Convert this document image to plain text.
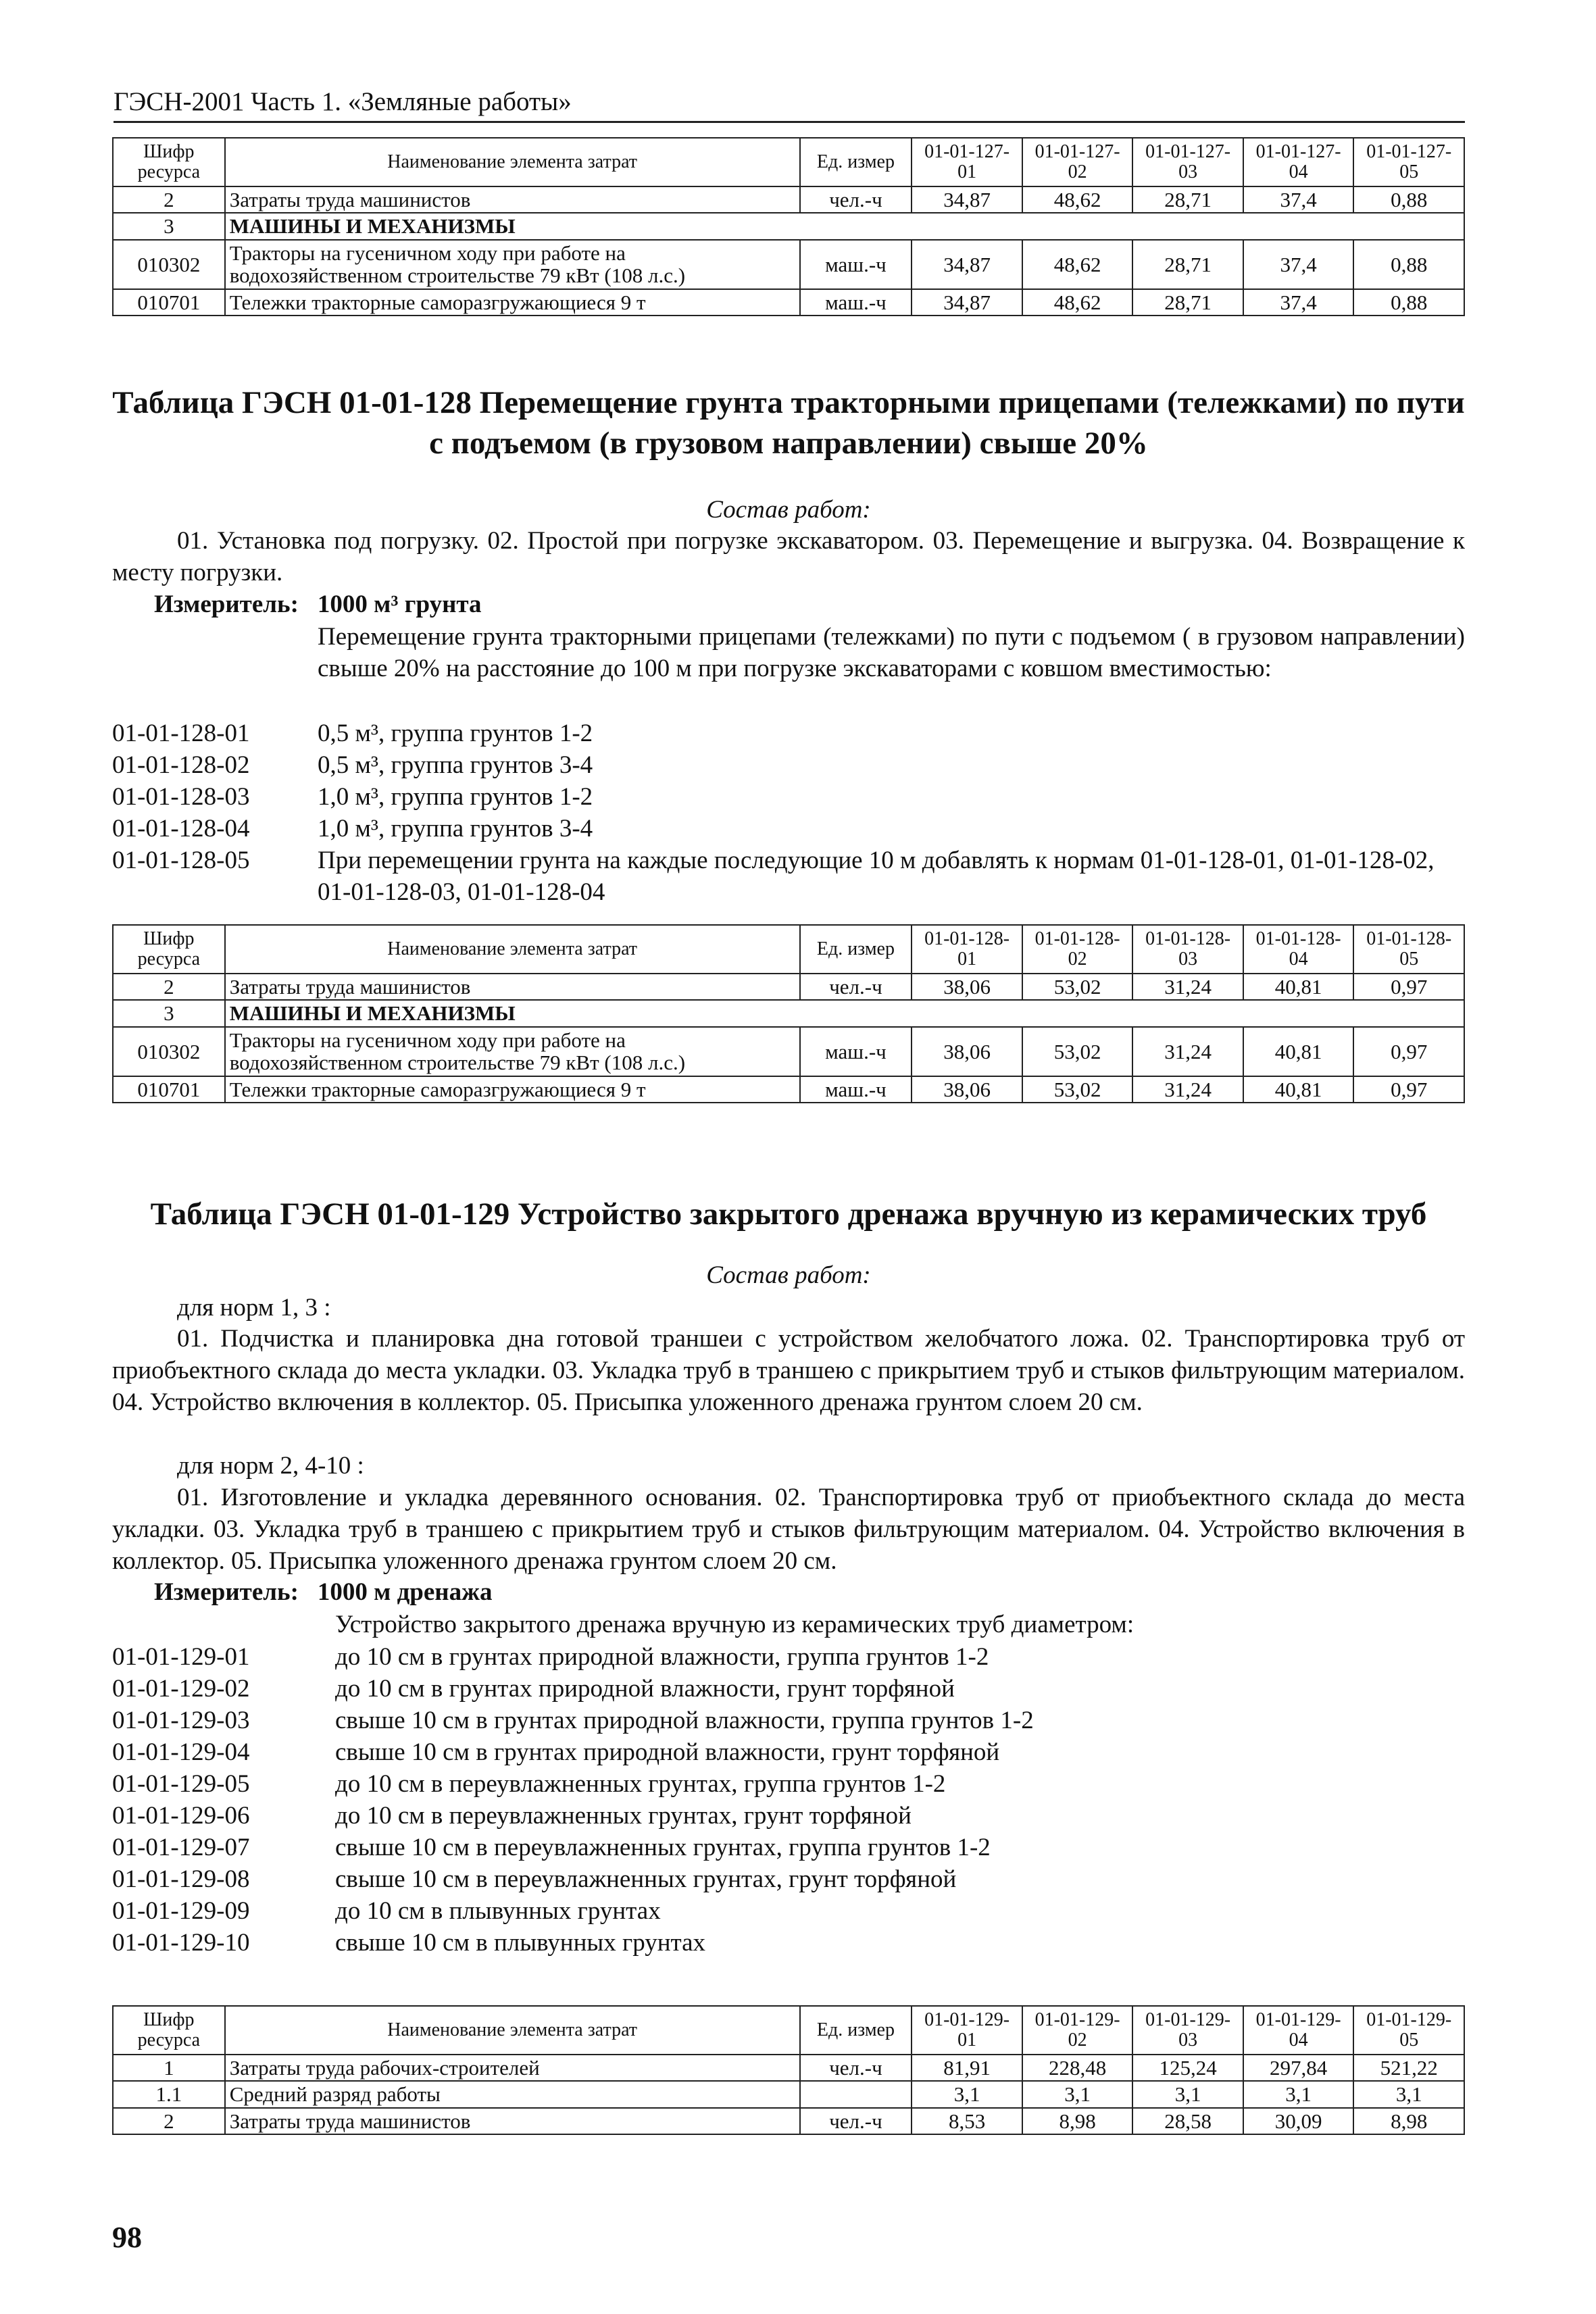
ГЭСН-2001 Часть 1. «Земляные работы»
Шифр ресурса	Наименование элемента затрат	Ед. измер	01-01-127-01	01-01-127-02	01-01-127-03	01-01-127-04	01-01-127-05
2	Затраты труда машинистов	чел.-ч	34,87	48,62	28,71	37,4	0,88
3	МАШИНЫ И МЕХАНИЗМЫ						
010302	Тракторы на гусеничном ходу при работе на водохозяйственном строительстве 79 кВт (108 л.с.)	маш.-ч	34,87	48,62	28,71	37,4	0,88
010701	Тележки тракторные саморазгружающиеся 9 т	маш.-ч	34,87	48,62	28,71	37,4	0,88
Таблица ГЭСН 01-01-128 Перемещение грунта тракторными прицепами (тележками) по пути с подъемом (в грузовом направлении) свыше 20%
Состав работ:
01. Установка под погрузку. 02. Простой при погрузке экскаватором. 03. Перемещение и выгрузка. 04. Возвращение к месту погрузки.
Измеритель: 1000 м³ грунта
Перемещение грунта тракторными прицепами (тележками) по пути с подъемом ( в грузовом направлении) свыше 20% на расстояние до 100 м при погрузке экскаваторами с ковшом вместимостью:
01-01-128-01	0,5 м³, группа грунтов 1-2
01-01-128-02	0,5 м³, группа грунтов 3-4
01-01-128-03	1,0 м³, группа грунтов 1-2
01-01-128-04	1,0 м³, группа грунтов 3-4
01-01-128-05	При перемещении грунта на каждые последующие 10 м добавлять к нормам 01-01-128-01, 01-01-128-02, 01-01-128-03, 01-01-128-04
Шифр ресурса	Наименование элемента затрат	Ед. измер	01-01-128-01	01-01-128-02	01-01-128-03	01-01-128-04	01-01-128-05
2	Затраты труда машинистов	чел.-ч	38,06	53,02	31,24	40,81	0,97
3	МАШИНЫ И МЕХАНИЗМЫ						
010302	Тракторы на гусеничном ходу при работе на водохозяйственном строительстве 79 кВт (108 л.с.)	маш.-ч	38,06	53,02	31,24	40,81	0,97
010701	Тележки тракторные саморазгружающиеся 9 т	маш.-ч	38,06	53,02	31,24	40,81	0,97
Таблица ГЭСН 01-01-129 Устройство закрытого дренажа вручную из керамических труб
Состав работ:
для норм 1, 3 :
01. Подчистка и планировка дна готовой траншеи с устройством желобчатого ложа. 02. Транспортировка труб от приобъектного склада до места укладки. 03. Укладка труб в траншею с прикрытием труб и стыков фильтрующим материалом. 04. Устройство включения в коллектор. 05. Присыпка уложенного дренажа грунтом слоем 20 см.
для норм 2, 4-10 :
01. Изготовление и укладка деревянного основания. 02. Транспортировка труб от приобъектного склада до места укладки. 03. Укладка труб в траншею с прикрытием труб и стыков фильтрующим материалом. 04. Устройство включения в коллектор. 05. Присыпка уложенного дренажа грунтом слоем 20 см.
Измеритель: 1000 м дренажа
Устройство закрытого дренажа вручную из керамических труб диаметром:
01-01-129-01	до 10 см в грунтах природной влажности, группа грунтов 1-2
01-01-129-02	до 10 см в грунтах природной влажности, грунт торфяной
01-01-129-03	свыше 10 см в грунтах природной влажности, группа грунтов 1-2
01-01-129-04	свыше 10 см в грунтах природной влажности, грунт торфяной
01-01-129-05	до 10 см в переувлажненных грунтах, группа грунтов 1-2
01-01-129-06	до 10 см в переувлажненных грунтах, грунт торфяной
01-01-129-07	свыше 10 см в переувлажненных грунтах, группа грунтов 1-2
01-01-129-08	свыше 10 см в переувлажненных грунтах, грунт торфяной
01-01-129-09	до 10 см в плывунных грунтах
01-01-129-10	свыше 10 см в плывунных грунтах
Шифр ресурса	Наименование элемента затрат	Ед. измер	01-01-129-01	01-01-129-02	01-01-129-03	01-01-129-04	01-01-129-05
1	Затраты труда рабочих-строителей	чел.-ч	81,91	228,48	125,24	297,84	521,22
1.1	Средний разряд работы		3,1	3,1	3,1	3,1	3,1
2	Затраты труда машинистов	чел.-ч	8,53	8,98	28,58	30,09	8,98
98
